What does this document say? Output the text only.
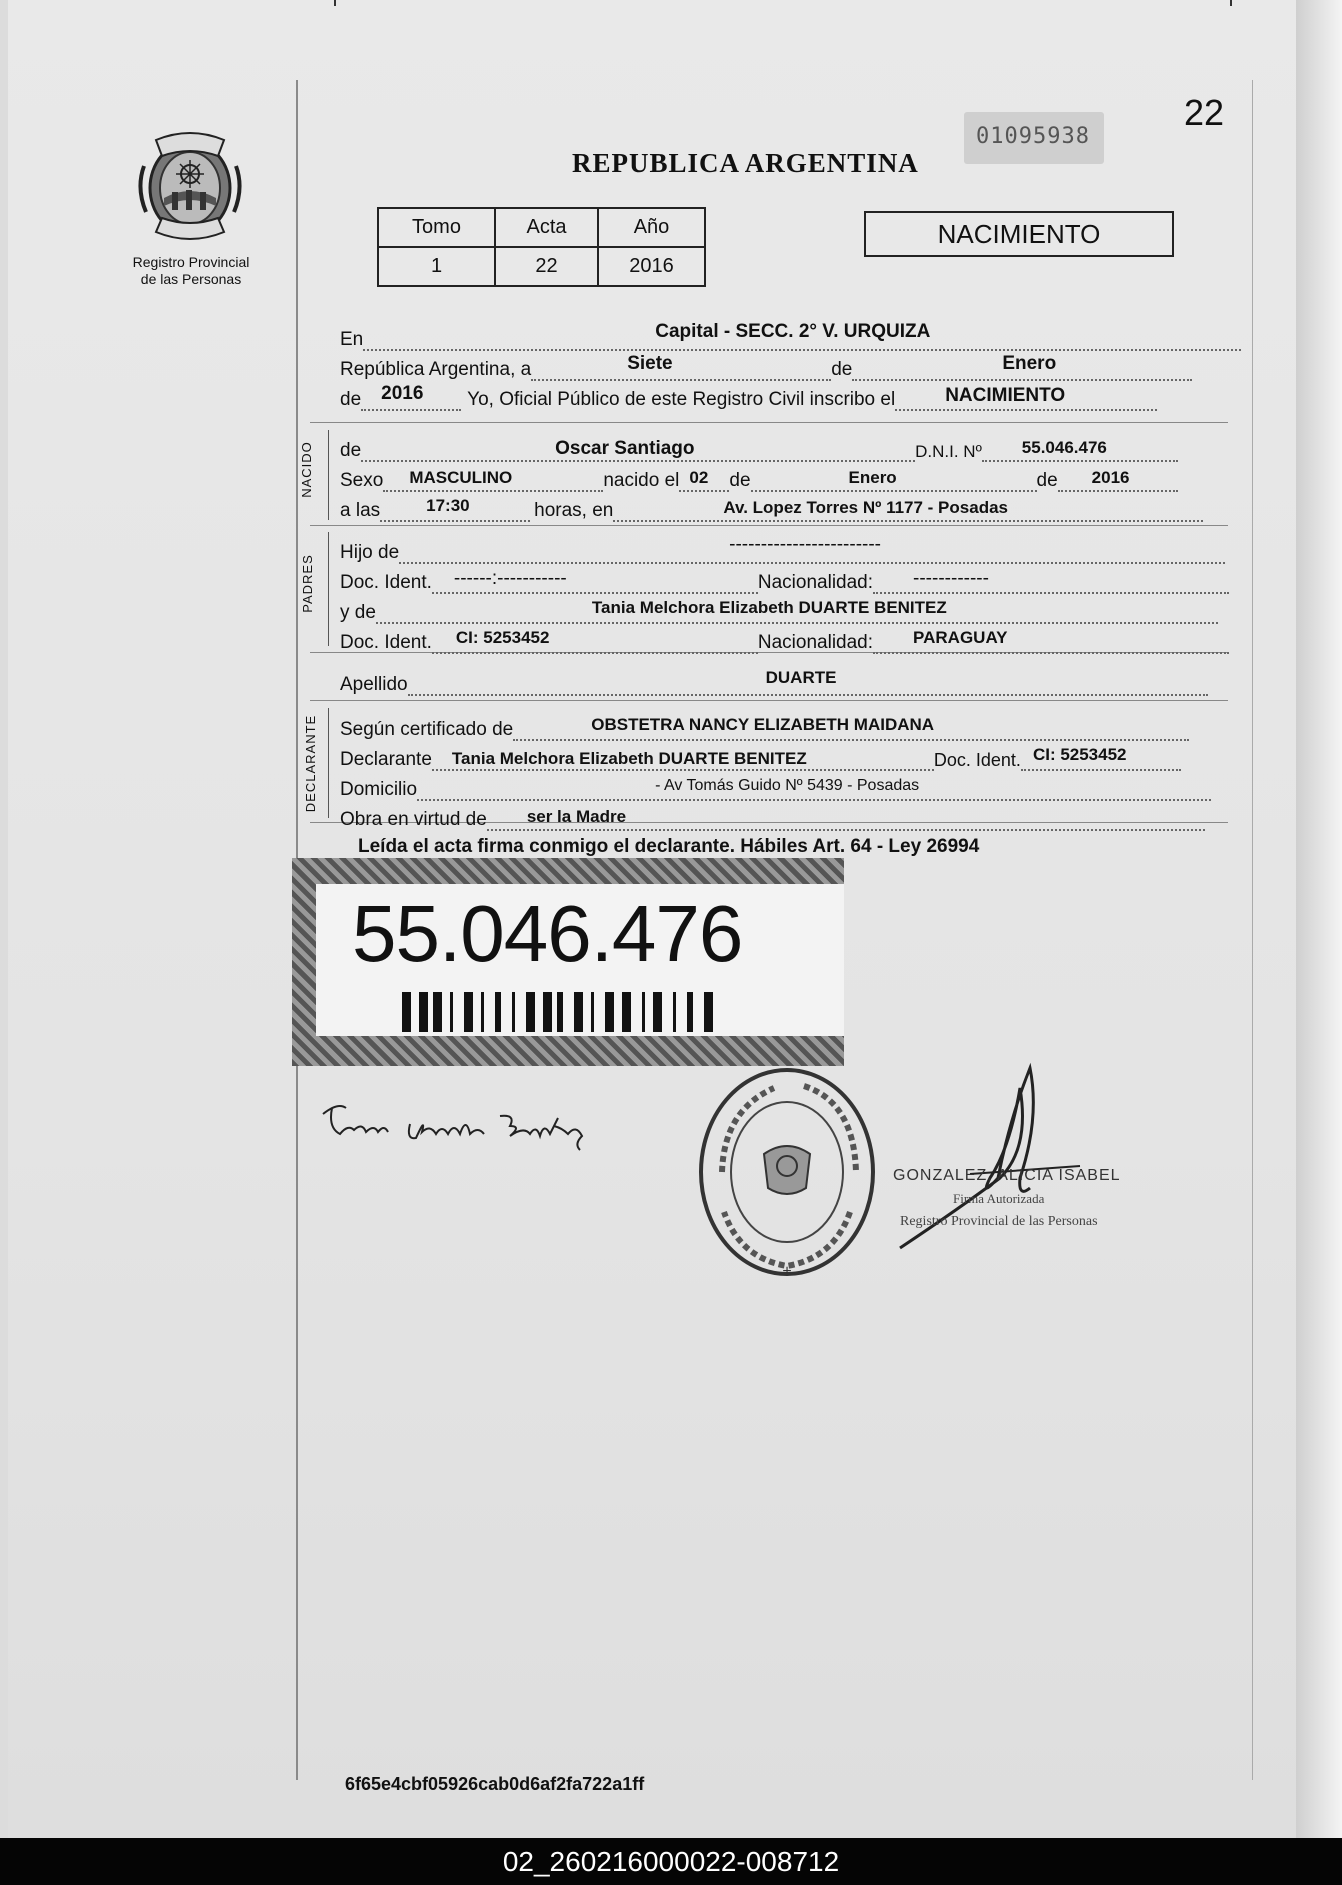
Registro Provincial
de las Personas
22
01095938
REPUBLICA ARGENTINA
Tomo	Acta	Año
1	22	2016
NACIMIENTO
En	Capital - SECC. 2° V. URQUIZA
República Argentina, a	Siete	de	Enero
de 2016 Yo, Oficial Público de este Registro Civil inscribo el	NACIMIENTO
NACIDO
PADRES
DECLARANTE
de	Oscar Santiago	D.N.I. Nº 55.046.476
Sexo MASCULINO	nacido el 02 de	Enero	de 2016
a las	17:30	horas, en	Av. Lopez Torres Nº 1177 - Posadas
Hijo de	------------------------
Doc. Ident. ------:-----------	Nacionalidad: ------------
y de	Tania Melchora Elizabeth DUARTE BENITEZ
Doc. Ident. CI: 5253452	Nacionalidad: PARAGUAY
Apellido	DUARTE
Según certificado de	OBSTETRA NANCY ELIZABETH MAIDANA
Declarante Tania Melchora Elizabeth DUARTE BENITEZ	Doc. Ident. CI: 5253452
Domicilio	- Av Tomás Guido Nº 5439 - Posadas
Obra en virtud de ser la Madre
Leída el acta firma conmigo el declarante. Hábiles Art. 64 - Ley 26994
55.046.476
+
GONZALEZ, ALICIA ISABEL
Firma Autorizada
Registro Provincial de las Personas
6f65e4cbf05926cab0d6af2fa722a1ff
02_260216000022-008712
